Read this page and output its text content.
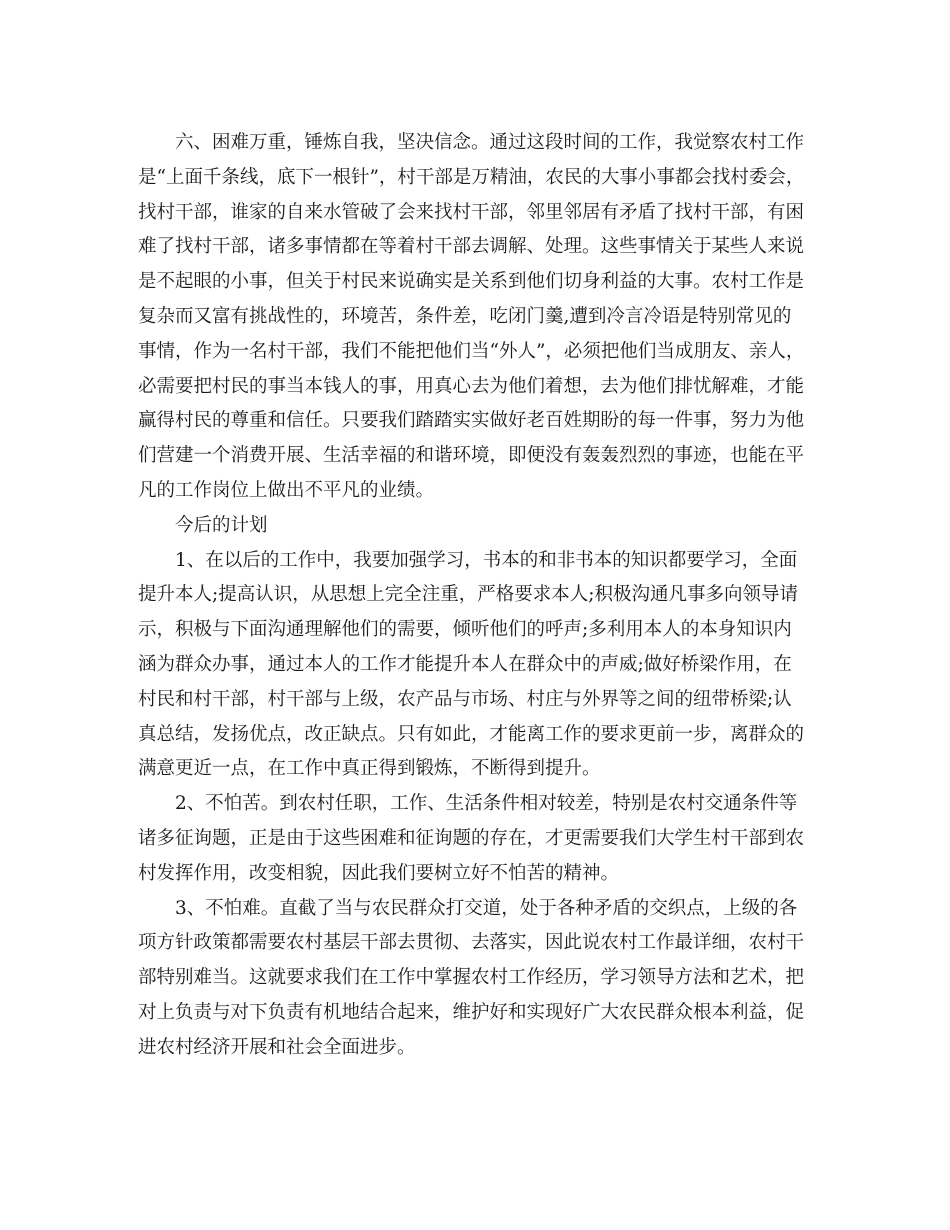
六、困难万重，锤炼自我，坚决信念。通过这段时间的工作，我觉察农村工作
是“上面千条线，底下一根针”，村干部是万精油，农民的大事小事都会找村委会，
找村干部，谁家的自来水管破了会来找村干部，邻里邻居有矛盾了找村干部，有困
难了找村干部，诸多事情都在等着村干部去调解、处理。这些事情关于某些人来说
是不起眼的小事，但关于村民来说确实是关系到他们切身利益的大事。农村工作是
复杂而又富有挑战性的，环境苦，条件差，吃闭门羹,遭到冷言冷语是特别常见的
事情，作为一名村干部，我们不能把他们当“外人”，必须把他们当成朋友、亲人，
必需要把村民的事当本钱人的事，用真心去为他们着想，去为他们排忧解难，才能
赢得村民的尊重和信任。只要我们踏踏实实做好老百姓期盼的每一件事，努力为他
们营建一个消费开展、生活幸福的和谐环境，即便没有轰轰烈烈的事迹，也能在平
凡的工作岗位上做出不平凡的业绩。
今后的计划
1、在以后的工作中，我要加强学习，书本的和非书本的知识都要学习，全面
提升本人;提高认识，从思想上完全注重，严格要求本人;积极沟通凡事多向领导请
示，积极与下面沟通理解他们的需要，倾听他们的呼声;多利用本人的本身知识内
涵为群众办事，通过本人的工作才能提升本人在群众中的声威;做好桥梁作用，在
村民和村干部，村干部与上级，农产品与市场、村庄与外界等之间的纽带桥梁;认
真总结，发扬优点，改正缺点。只有如此，才能离工作的要求更前一步，离群众的
满意更近一点，在工作中真正得到锻炼，不断得到提升。
2、不怕苦。到农村任职，工作、生活条件相对较差，特别是农村交通条件等
诸多征询题，正是由于这些困难和征询题的存在，才更需要我们大学生村干部到农
村发挥作用，改变相貌，因此我们要树立好不怕苦的精神。
3、不怕难。直截了当与农民群众打交道，处于各种矛盾的交织点，上级的各
项方针政策都需要农村基层干部去贯彻、去落实，因此说农村工作最详细，农村干
部特别难当。这就要求我们在工作中掌握农村工作经历，学习领导方法和艺术，把
对上负责与对下负责有机地结合起来，维护好和实现好广大农民群众根本利益，促
进农村经济开展和社会全面进步。
